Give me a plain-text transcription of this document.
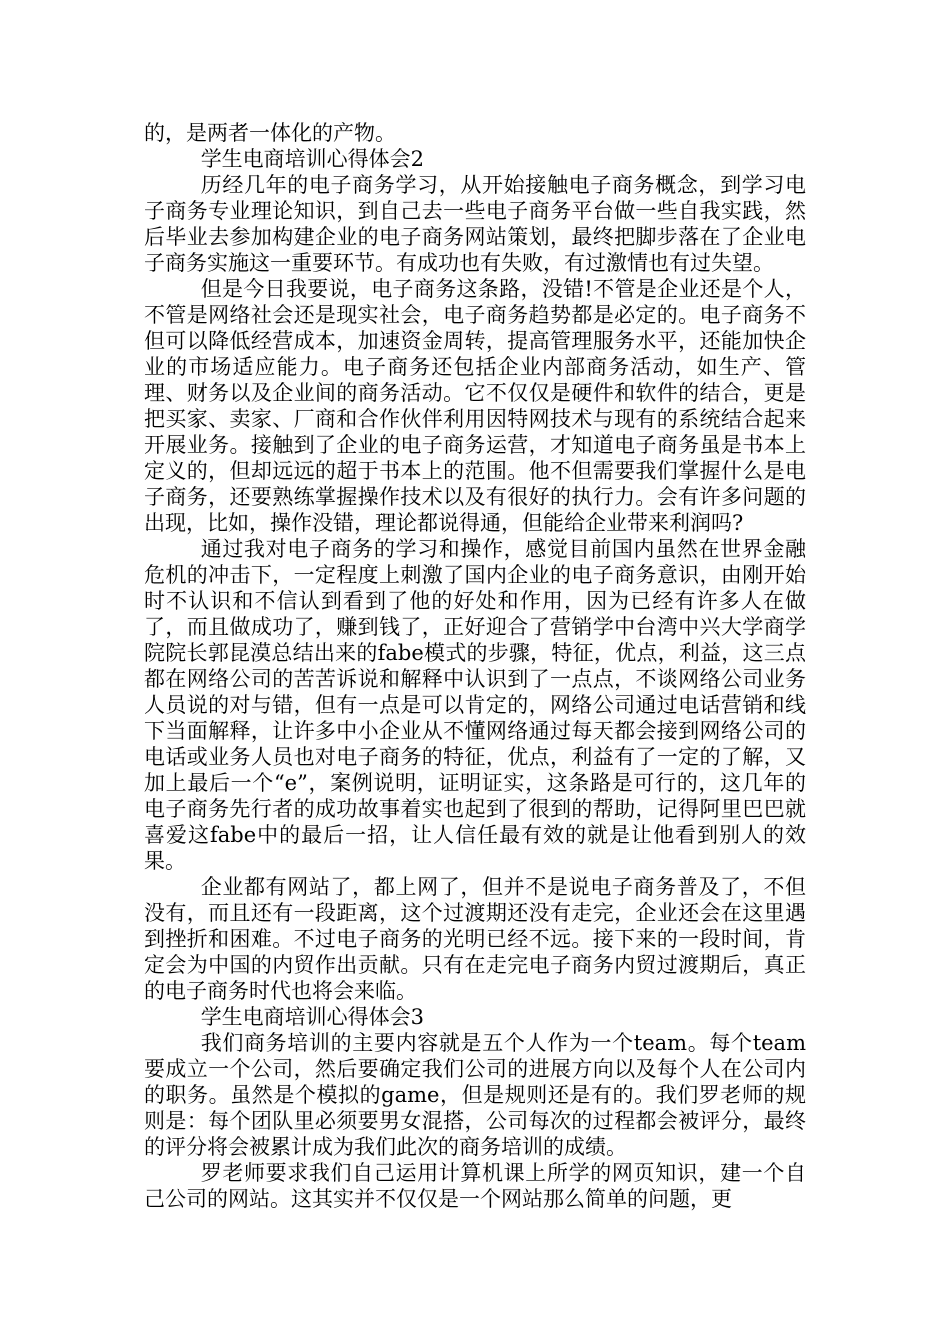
的，是两者一体化的产物。

学生电商培训心得体会2

历经几年的电子商务学习，从开始接触电子商务概念，到学习电子商务专业理论知识，到自己去一些电子商务平台做一些自我实践，然后毕业去参加构建企业的电子商务网站策划，最终把脚步落在了企业电子商务实施这一重要环节。有成功也有失败，有过激情也有过失望。

但是今日我要说，电子商务这条路，没错!不管是企业还是个人，不管是网络社会还是现实社会，电子商务趋势都是必定的。电子商务不但可以降低经营成本，加速资金周转，提高管理服务水平，还能加快企业的市场适应能力。电子商务还包括企业内部商务活动，如生产、管理、财务以及企业间的商务活动。它不仅仅是硬件和软件的结合，更是把买家、卖家、厂商和合作伙伴利用因特网技术与现有的系统结合起来开展业务。接触到了企业的电子商务运营，才知道电子商务虽是书本上定义的，但却远远的超于书本上的范围。他不但需要我们掌握什么是电子商务，还要熟练掌握操作技术以及有很好的执行力。会有许多问题的出现，比如，操作没错，理论都说得通，但能给企业带来利润吗?

通过我对电子商务的学习和操作，感觉目前国内虽然在世界金融危机的冲击下，一定程度上刺激了国内企业的电子商务意识，由刚开始时不认识和不信认到看到了他的好处和作用，因为已经有许多人在做了，而且做成功了，赚到钱了，正好迎合了营销学中台湾中兴大学商学院院长郭昆漠总结出来的fabe模式的步骤，特征，优点，利益，这三点都在网络公司的苦苦诉说和解释中认识到了一点点，不谈网络公司业务人员说的对与错，但有一点是可以肯定的，网络公司通过电话营销和线下当面解释，让许多中小企业从不懂网络通过每天都会接到网络公司的电话或业务人员也对电子商务的特征，优点，利益有了一定的了解，又加上最后一个“e”，案例说明，证明证实，这条路是可行的，这几年的电子商务先行者的成功故事着实也起到了很到的帮助，记得阿里巴巴就喜爱这fabe中的最后一招，让人信任最有效的就是让他看到别人的效果。

企业都有网站了，都上网了，但并不是说电子商务普及了，不但没有，而且还有一段距离，这个过渡期还没有走完，企业还会在这里遇到挫折和困难。不过电子商务的光明已经不远。接下来的一段时间，肯定会为中国的内贸作出贡献。只有在走完电子商务内贸过渡期后，真正的电子商务时代也将会来临。

学生电商培训心得体会3

我们商务培训的主要内容就是五个人作为一个team。每个team要成立一个公司，然后要确定我们公司的进展方向以及每个人在公司内的职务。虽然是个模拟的game，但是规则还是有的。我们罗老师的规则是：每个团队里必须要男女混搭，公司每次的过程都会被评分，最终的评分将会被累计成为我们此次的商务培训的成绩。

罗老师要求我们自己运用计算机课上所学的网页知识，建一个自己公司的网站。这其实并不仅仅是一个网站那么简单的问题，更
